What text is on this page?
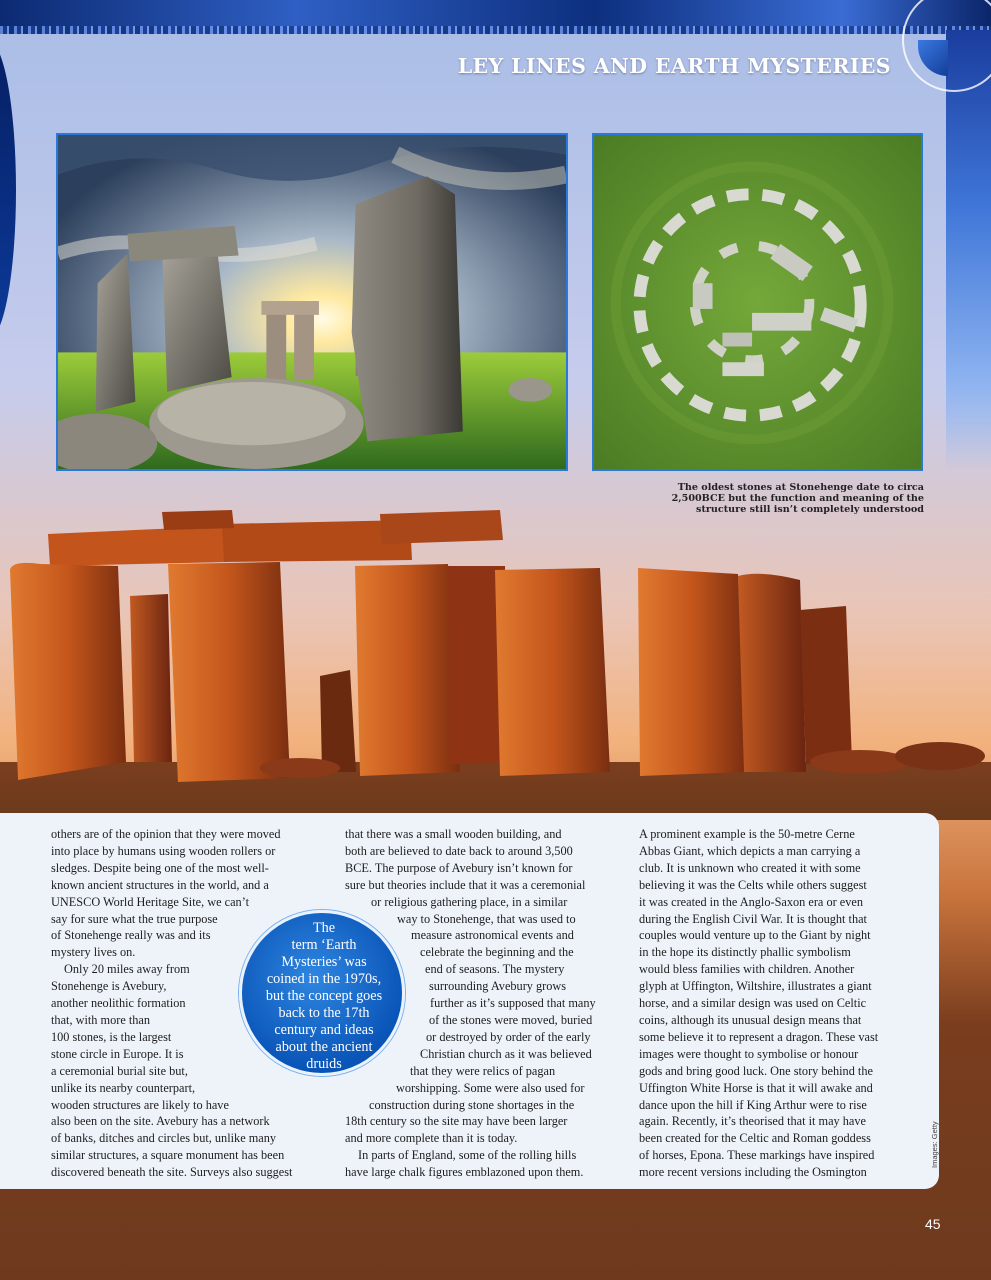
LEY LINES AND EARTH MYSTERIES
The oldest stones at Stonehenge date to circa
2,500BCE but the function and meaning of the
structure still isn’t completely understood

others are of the opinion that they were moved

into place by humans using wooden rollers or

sledges. Despite being one of the most well-

known ancient structures in the world, and a

UNESCO World Heritage Site, we can’t

say for sure what the true purpose

of Stonehenge really was and its

mystery lives on.

Only 20 miles away from

Stonehenge is Avebury,

another neolithic formation

that, with more than

100 stones, is the largest

stone circle in Europe. It is

a ceremonial burial site but,

unlike its nearby counterpart,

wooden structures are likely to have

also been on the site. Avebury has a network

of banks, ditches and circles but, unlike many

similar structures, a square monument has been

discovered beneath the site. Surveys also suggest

that there was a small wooden building, and

both are believed to date back to around 3,500

BCE. The purpose of Avebury isn’t known for

sure but theories include that it was a ceremonial

or religious gathering place, in a similar

way to Stonehenge, that was used to

measure astronomical events and

celebrate the beginning and the

end of seasons. The mystery

surrounding Avebury grows

further as it’s supposed that many

of the stones were moved, buried

or destroyed by order of the early

Christian church as it was believed

that they were relics of pagan

worshipping. Some were also used for

construction during stone shortages in the

18th century so the site may have been larger

and more complete than it is today.

In parts of England, some of the rolling hills

have large chalk figures emblazoned upon them.

A prominent example is the 50-metre Cerne

Abbas Giant, which depicts a man carrying a

club. It is unknown who created it with some

believing it was the Celts while others suggest

it was created in the Anglo-Saxon era or even

during the English Civil War. It is thought that

couples would venture up to the Giant by night

in the hope its distinctly phallic symbolism

would bless families with children. Another

glyph at Uffington, Wiltshire, illustrates a giant

horse, and a similar design was used on Celtic

coins, although its unusual design means that

some believe it to represent a dragon. These vast

images were thought to symbolise or honour

gods and bring good luck. One story behind the

Uffington White Horse is that it will awake and

dance upon the hill if King Arthur were to rise

again. Recently, it’s theorised that it may have

been created for the Celtic and Roman goddess

of horses, Epona. These markings have inspired

more recent versions including the Osmington

The
term ‘Earth
Mysteries’ was
coined in the 1970s,
but the concept goes
back to the 17th
century and ideas
about the ancient
druids
Images: Getty
45
